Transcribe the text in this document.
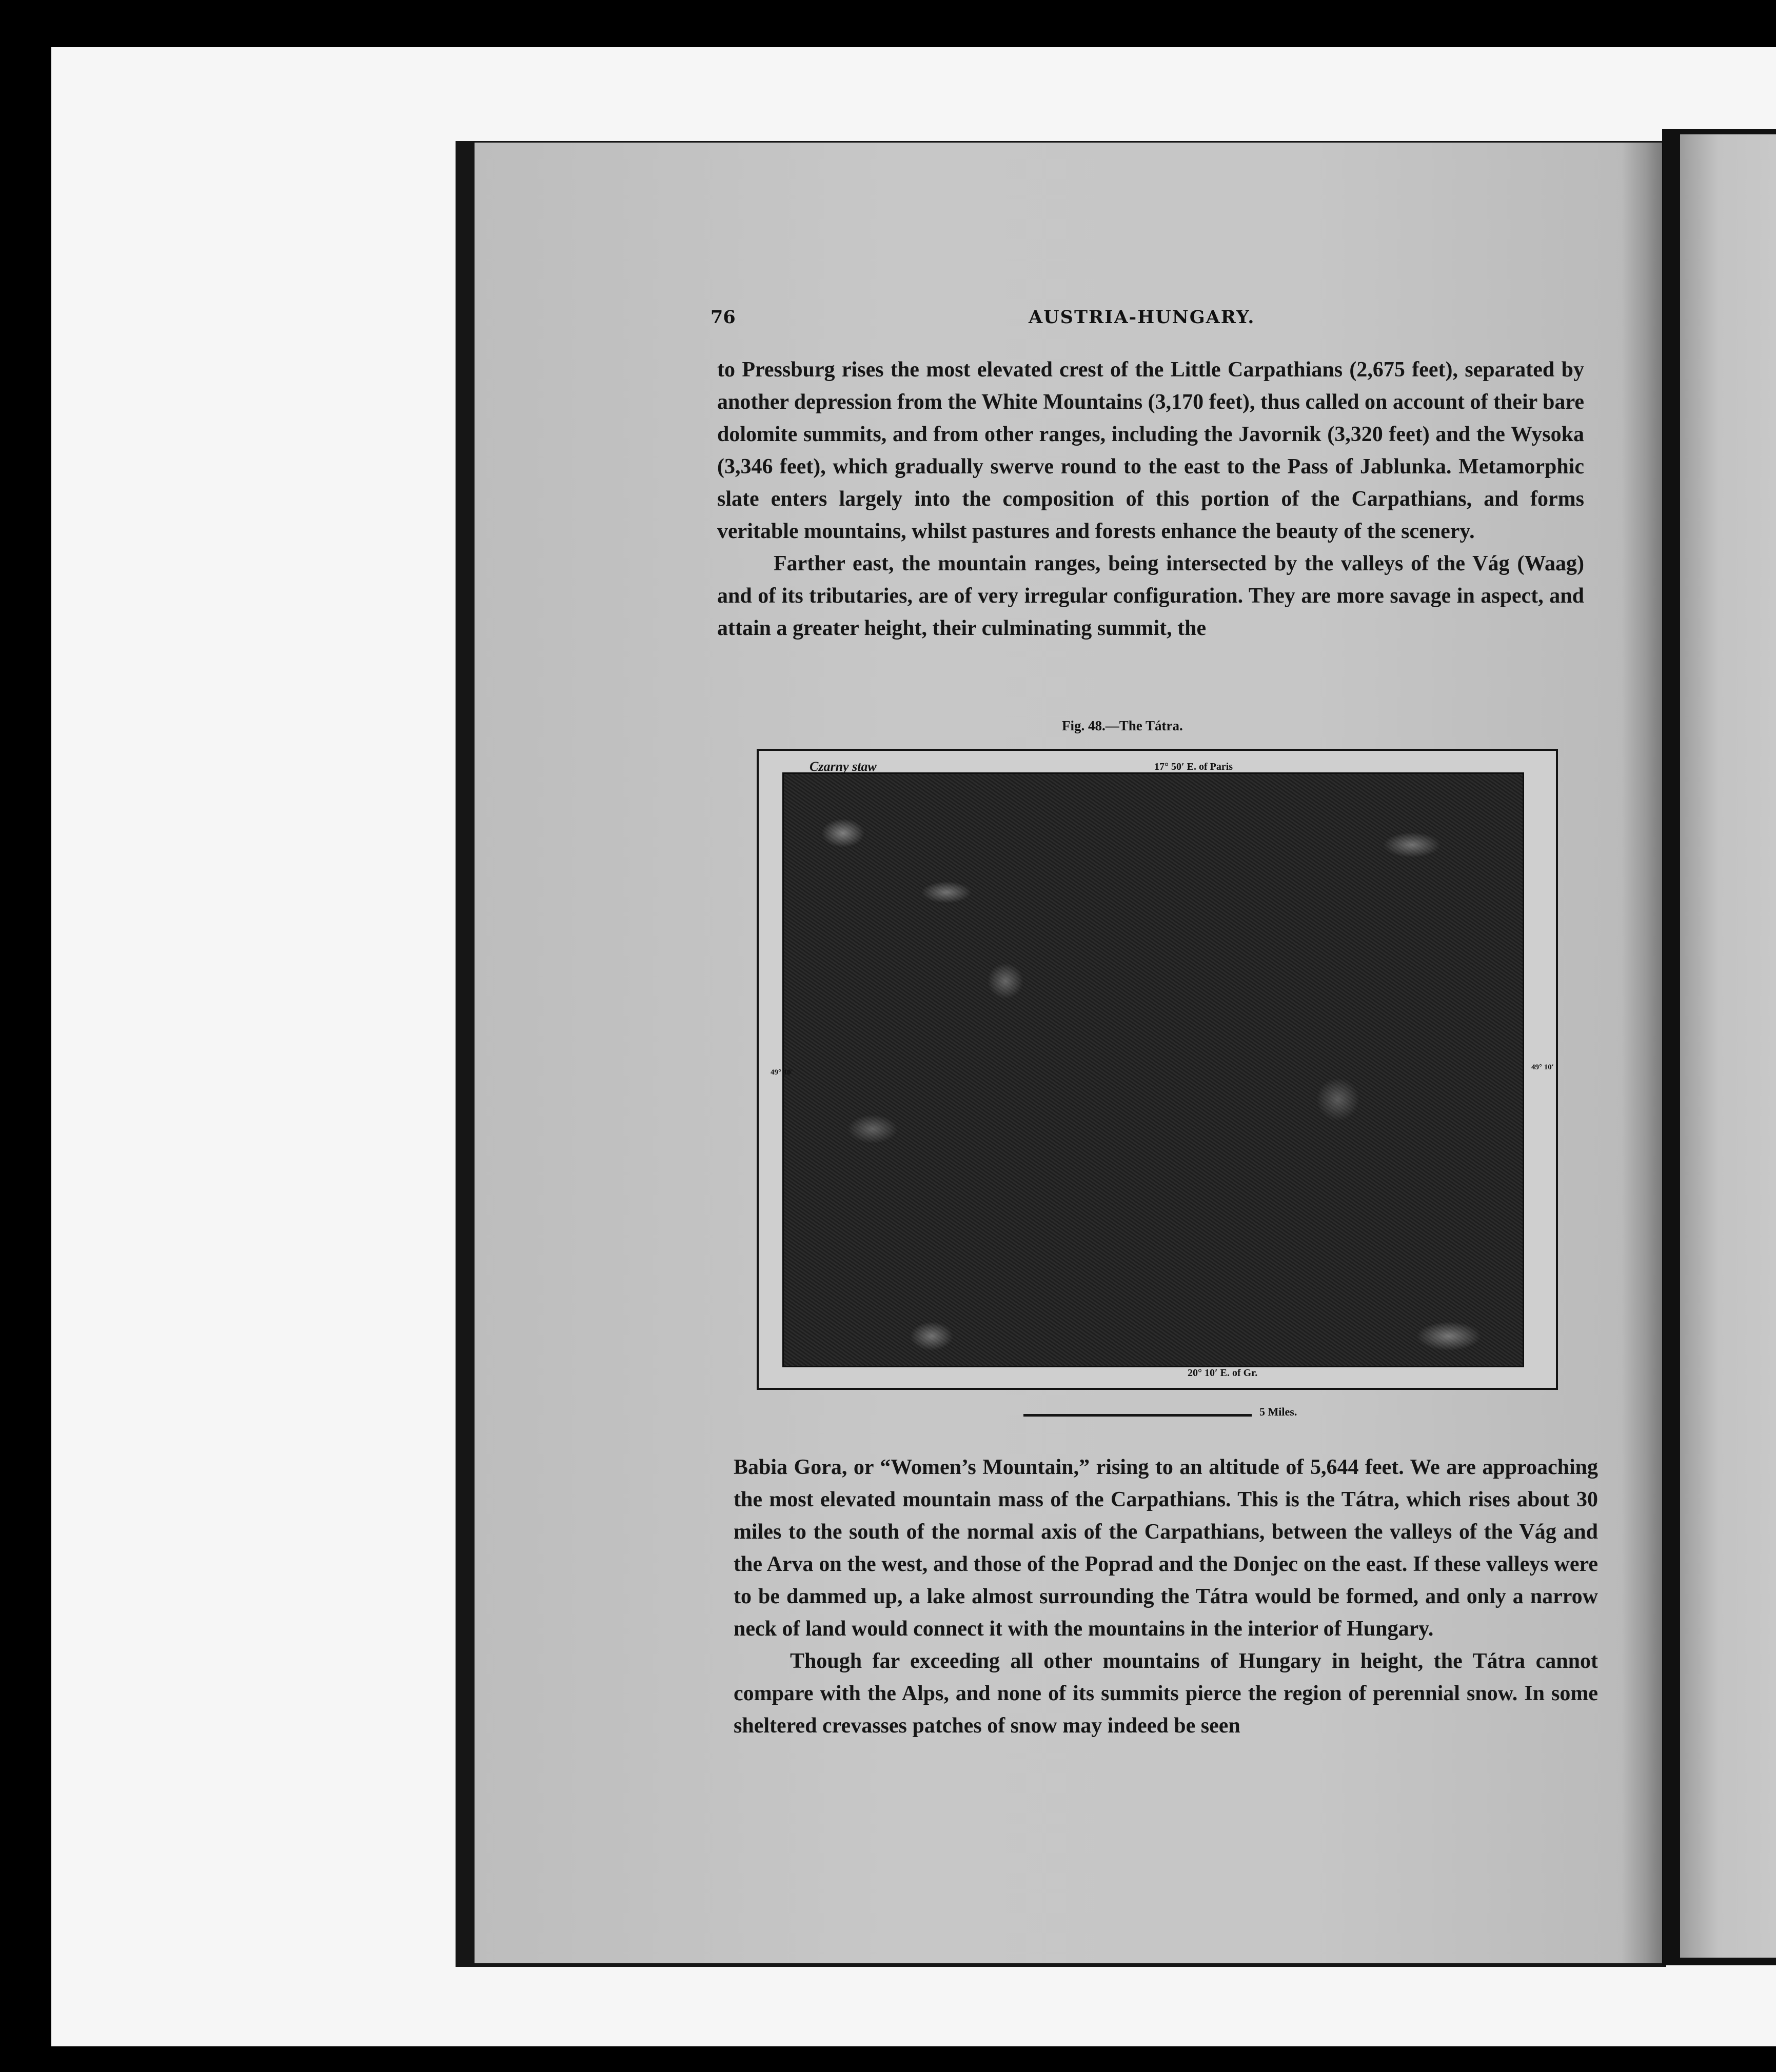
76	AUSTRIA-HUNGARY.

to Pressburg rises the most elevated crest of the Little Carpathians (2,675 feet), separated by another depression from the White Mountains (3,170 feet), thus called on account of their bare dolomite summits, and from other ranges, including the Javornik (3,320 feet) and the Wysoka (3,346 feet), which gradually swerve round to the east to the Pass of Jablunka. Metamorphic slate enters largely into the composition of this portion of the Carpathians, and forms veritable mountains, whilst pastures and forests enhance the beauty of the scenery.

Farther east, the mountain ranges, being intersected by the valleys of the Vág (Waag) and of its tributaries, are of very irregular configuration. They are more savage in aspect, and attain a greater height, their culminating summit, the

Fig. 48.—The Tátra.
Czarny staw	17° 50′ E. of Paris
20° 10′ E. of Gr.
49° 10′
49° 10′
5 Miles.

Babia Gora, or “Women’s Mountain,” rising to an altitude of 5,644 feet. We are approaching the most elevated mountain mass of the Carpathians. This is the Tátra, which rises about 30 miles to the south of the normal axis of the Carpathians, between the valleys of the Vág and the Arva on the west, and those of the Poprad and the Donjec on the east. If these valleys were to be dammed up, a lake almost surrounding the Tátra would be formed, and only a narrow neck of land would connect it with the mountains in the interior of Hungary.

Though far exceeding all other mountains of Hungary in height, the Tátra cannot compare with the Alps, and none of its summits pierce the region of perennial snow. In some sheltered crevasses patches of snow may indeed be seen
